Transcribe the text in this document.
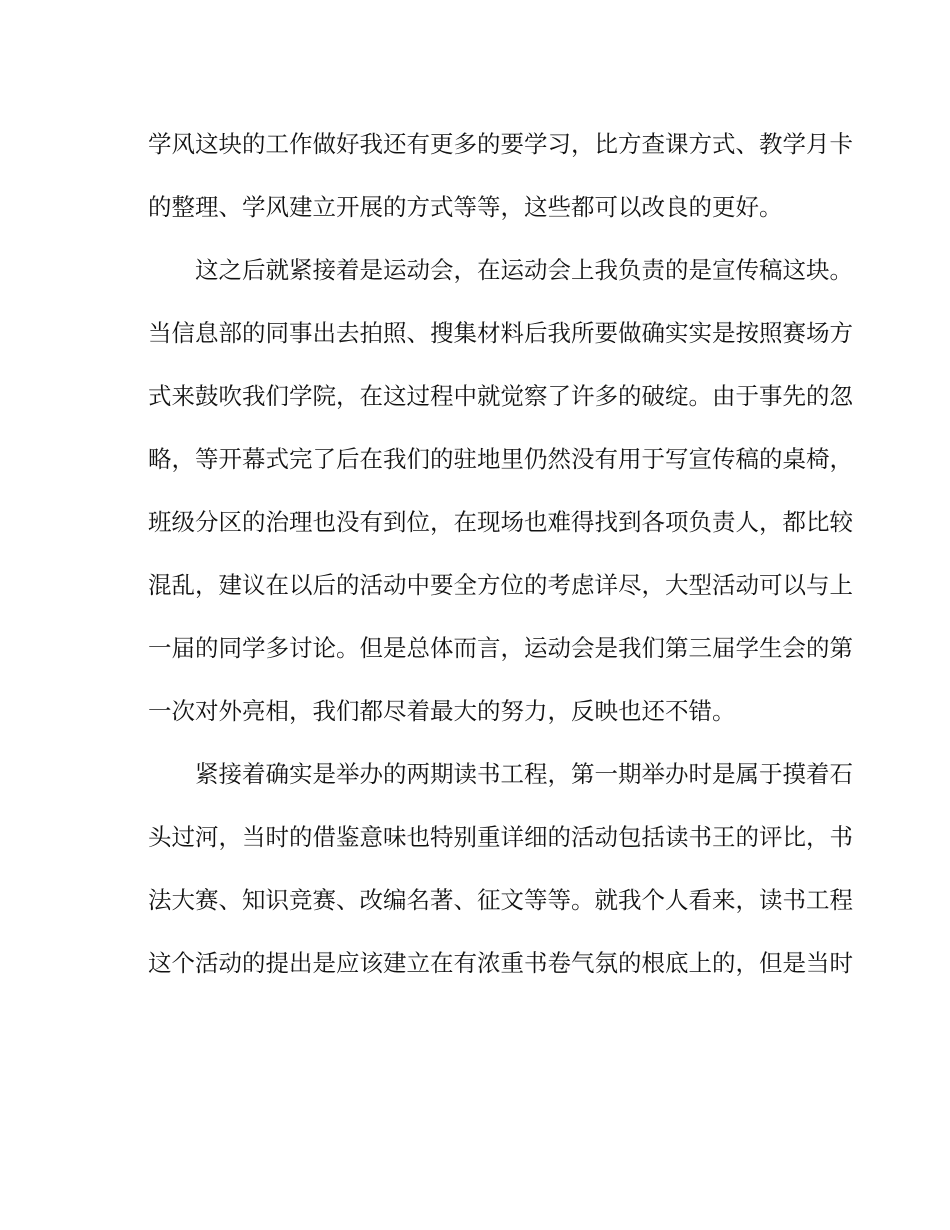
学风这块的工作做好我还有更多的要学习，比方查课方式、教学月卡
的整理、学风建立开展的方式等等，这些都可以改良的更好。
这之后就紧接着是运动会，在运动会上我负责的是宣传稿这块。
当信息部的同事出去拍照、搜集材料后我所要做确实实是按照赛场方
式来鼓吹我们学院，在这过程中就觉察了许多的破绽。由于事先的忽
略，等开幕式完了后在我们的驻地里仍然没有用于写宣传稿的桌椅，
班级分区的治理也没有到位，在现场也难得找到各项负责人，都比较
混乱，建议在以后的活动中要全方位的考虑详尽，大型活动可以与上
一届的同学多讨论。但是总体而言，运动会是我们第三届学生会的第
一次对外亮相，我们都尽着最大的努力，反映也还不错。
紧接着确实是举办的两期读书工程，第一期举办时是属于摸着石
头过河，当时的借鉴意味也特别重详细的活动包括读书王的评比，书
法大赛、知识竞赛、改编名著、征文等等。就我个人看来，读书工程
这个活动的提出是应该建立在有浓重书卷气氛的根底上的，但是当时
